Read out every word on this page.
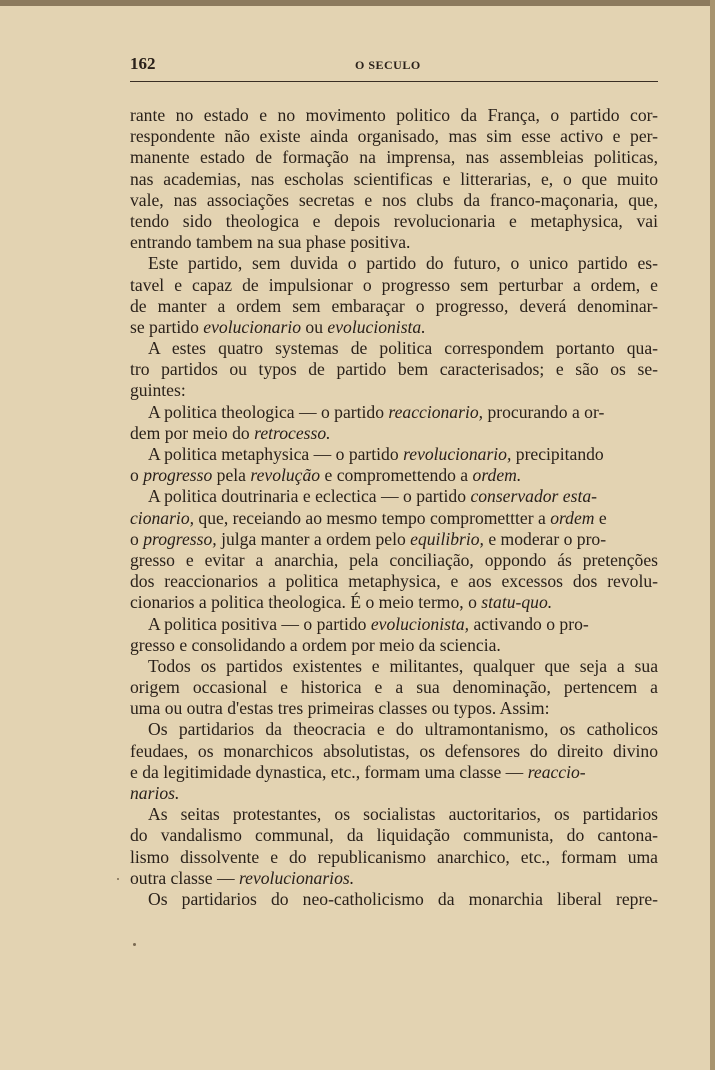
162	O SECULO
rante no estado e no movimento politico da França, o partido cor-
respondente não existe ainda organisado, mas sim esse activo e per-
manente estado de formação na imprensa, nas assembleias politicas,
nas academias, nas escholas scientificas e litterarias, e, o que muito
vale, nas associações secretas e nos clubs da franco-maçonaria, que,
tendo sido theologica e depois revolucionaria e metaphysica, vai
entrando tambem na sua phase positiva.
Este partido, sem duvida o partido do futuro, o unico partido es-
tavel e capaz de impulsionar o progresso sem perturbar a ordem, e
de manter a ordem sem embaraçar o progresso, deverá denominar-
se partido evolucionario ou evolucionista.
A estes quatro systemas de politica correspondem portanto qua-
tro partidos ou typos de partido bem caracterisados; e são os se-
guintes:
A politica theologica — o partido reaccionario, procurando a or-
dem por meio do retrocesso.
A politica metaphysica — o partido revolucionario, precipitando
o progresso pela revolução e compromettendo a ordem.
A politica doutrinaria e eclectica — o partido conservador esta-
cionario, que, receiando ao mesmo tempo compromettter a ordem e
o progresso, julga manter a ordem pelo equilibrio, e moderar o pro-
gresso e evitar a anarchia, pela conciliação, oppondo ás pretenções
dos reaccionarios a politica metaphysica, e aos excessos dos revolu-
cionarios a politica theologica. É o meio termo, o statu-quo.
A politica positiva — o partido evolucionista, activando o pro-
gresso e consolidando a ordem por meio da sciencia.
Todos os partidos existentes e militantes, qualquer que seja a sua
origem occasional e historica e a sua denominação, pertencem a
uma ou outra d'estas tres primeiras classes ou typos. Assim:
Os partidarios da theocracia e do ultramontanismo, os catholicos
feudaes, os monarchicos absolutistas, os defensores do direito divino
e da legitimidade dynastica, etc., formam uma classe — reaccio-
narios.
As seitas protestantes, os socialistas auctoritarios, os partidarios
do vandalismo communal, da liquidação communista, do cantona-
lismo dissolvente e do republicanismo anarchico, etc., formam uma
outra classe — revolucionarios.
Os partidarios do neo-catholicismo da monarchia liberal repre-
